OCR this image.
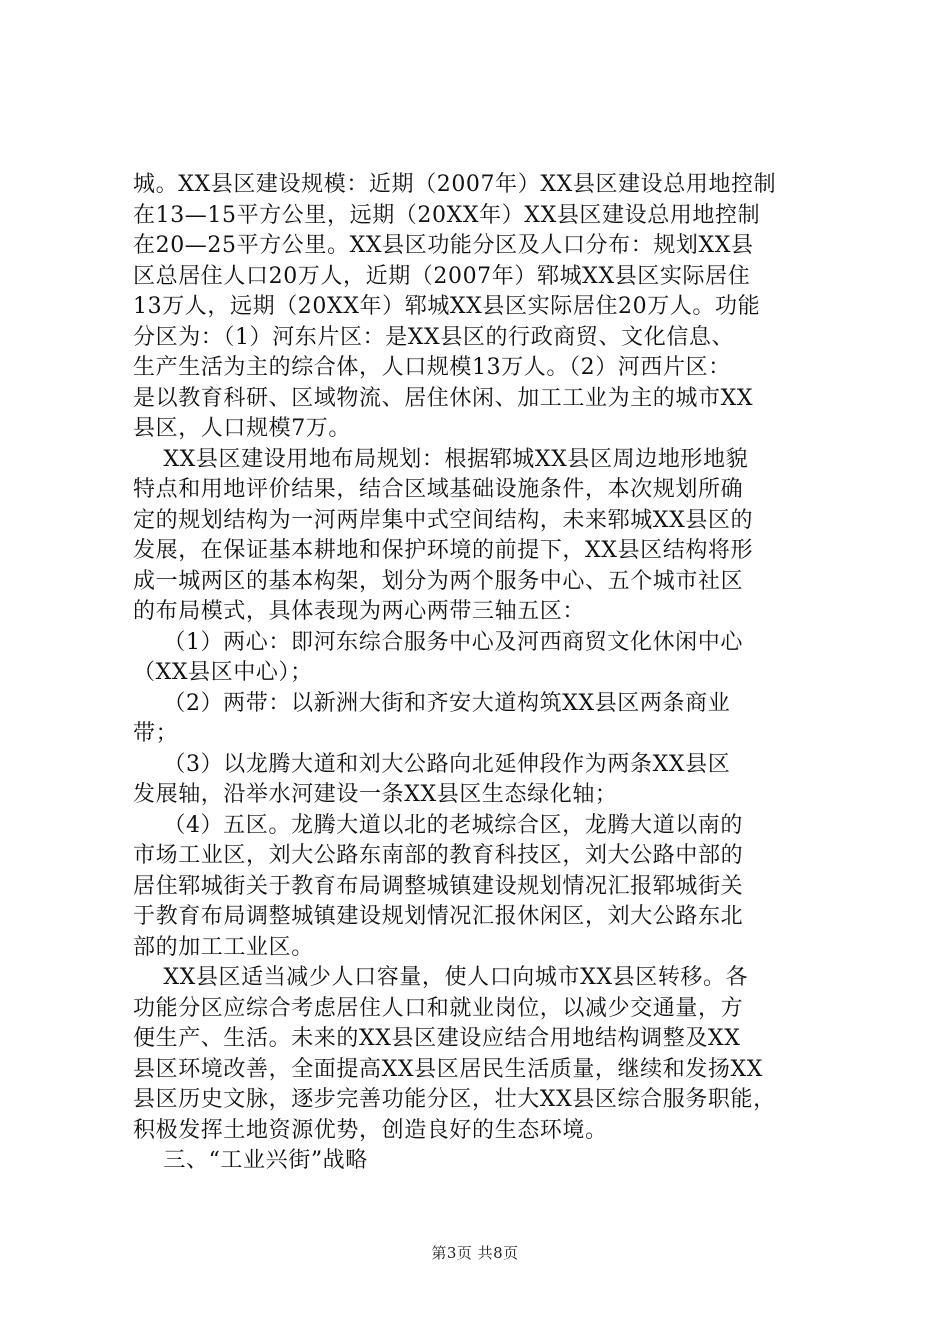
城。XX县区建设规模：近期（2007年）XX县区建设总用地控制
在13—15平方公里，远期（20XX年）XX县区建设总用地控制
在20—25平方公里。XX县区功能分区及人口分布：规划XX县
区总居住人口20万人，近期（2007年）郓城XX县区实际居住
13万人，远期（20XX年）郓城XX县区实际居住20万人。功能
分区为：（1）河东片区：是XX县区的行政商贸、文化信息、
生产生活为主的综合体，人口规模13万人。（2）河西片区：
是以教育科研、区域物流、居住休闲、加工工业为主的城市XX
县区，人口规模7万。
XX县区建设用地布局规划：根据郓城XX县区周边地形地貌
特点和用地评价结果，结合区域基础设施条件，本次规划所确
定的规划结构为一河两岸集中式空间结构，未来郓城XX县区的
发展，在保证基本耕地和保护环境的前提下，XX县区结构将形
成一城两区的基本构架，划分为两个服务中心、五个城市社区
的布局模式，具体表现为两心两带三轴五区：
（1）两心：即河东综合服务中心及河西商贸文化休闲中心
（XX县区中心）；
（2）两带：以新洲大街和齐安大道构筑XX县区两条商业
带；
（3）以龙腾大道和刘大公路向北延伸段作为两条XX县区
发展轴，沿举水河建设一条XX县区生态绿化轴；
（4）五区。龙腾大道以北的老城综合区，龙腾大道以南的
市场工业区，刘大公路东南部的教育科技区，刘大公路中部的
居住郓城街关于教育布局调整城镇建设规划情况汇报郓城街关
于教育布局调整城镇建设规划情况汇报休闲区，刘大公路东北
部的加工工业区。
XX县区适当减少人口容量，使人口向城市XX县区转移。各
功能分区应综合考虑居住人口和就业岗位，以减少交通量，方
便生产、生活。未来的XX县区建设应结合用地结构调整及XX
县区环境改善，全面提高XX县区居民生活质量，继续和发扬XX
县区历史文脉，逐步完善功能分区，壮大XX县区综合服务职能，
积极发挥土地资源优势，创造良好的生态环境。
三、“工业兴街”战略
第3页 共8页
